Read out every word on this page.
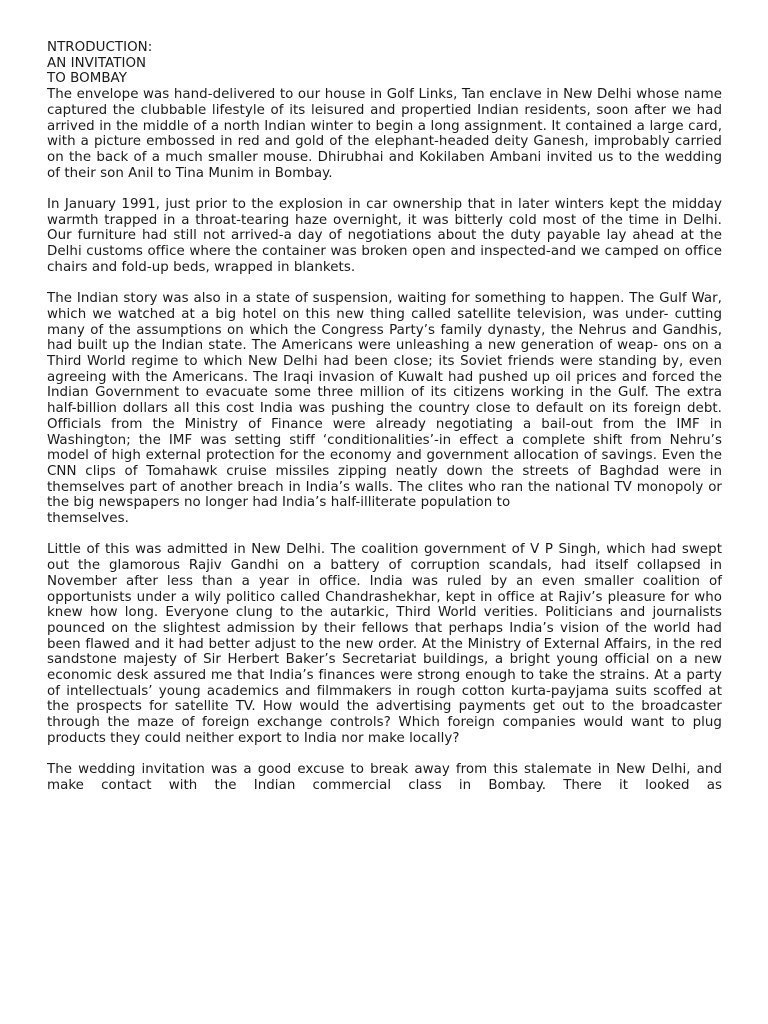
NTRODUCTION:
AN INVITATION
TO BOMBAY

The envelope was hand-delivered to our house in Golf Links, Tan enclave in New Delhi whose name captured the clubbable lifestyle of its leisured and propertied Indian residents, soon after we had arrived in the middle of a north Indian winter to begin a long assignment. It contained a large card, with a picture embossed in red and gold of the elephant-headed deity Ganesh, improbably carried on the back of a much smaller mouse. Dhirubhai and Kokilaben Ambani invited us to the wedding of their son Anil to Tina Munim in Bombay.

In January 1991, just prior to the explosion in car ownership that in later winters kept the midday warmth trapped in a throat-tearing haze overnight, it was bitterly cold most of the time in Delhi. Our furniture had still not arrived-a day of negotiations about the duty payable lay ahead at the Delhi customs office where the container was broken open and inspected-and we camped on office chairs and fold-up beds, wrapped in blankets.

The Indian story was also in a state of suspension, waiting for something to happen. The Gulf War, which we watched at a big hotel on this new thing called satellite television, was under- cutting many of the assumptions on which the Congress Party’s family dynasty, the Nehrus and Gandhis, had built up the Indian state. The Americans were unleashing a new generation of weap- ons on a Third World regime to which New Delhi had been close; its Soviet friends were standing by, even agreeing with the Americans. The Iraqi invasion of Kuwalt had pushed up oil prices and forced the Indian Government to evacuate some three million of its citizens working in the Gulf. The extra half-billion dollars all this cost India was pushing the country close to default on its foreign debt. Officials from the Ministry of Finance were already negotiating a bail-out from the IMF in Washington; the IMF was setting stiff ‘conditionalities’-in effect a complete shift from Nehru’s model of high external protection for the economy and government allocation of savings. Even the CNN clips of Tomahawk cruise missiles zipping neatly down the streets of Baghdad were in themselves part of another breach in India’s walls. The clites who ran the national TV monopoly or the big newspapers no longer had India’s half-illiterate population to
themselves.

Little of this was admitted in New Delhi. The coalition government of V P Singh, which had swept out the glamorous Rajiv Gandhi on a battery of corruption scandals, had itself collapsed in November after less than a year in office. India was ruled by an even smaller coalition of opportunists under a wily politico called Chandrashekhar, kept in office at Rajiv’s pleasure for who knew how long. Everyone clung to the autarkic, Third World verities. Politicians and journalists pounced on the slightest admission by their fellows that perhaps India’s vision of the world had been flawed and it had better adjust to the new order. At the Ministry of External Affairs, in the red sandstone majesty of Sir Herbert Baker’s Secretariat buildings, a bright young official on a new economic desk assured me that India’s finances were strong enough to take the strains. At a party of intellectuals’ young academics and filmmakers in rough cotton kurta-payjama suits scoffed at the prospects for satellite TV. How would the advertising payments get out to the broadcaster through the maze of foreign exchange controls? Which foreign companies would want to plug products they could neither export to India nor make locally?

The wedding invitation was a good excuse to break away from this stalemate in New Delhi, and make contact with the Indian commercial class in Bombay. There it looked as
